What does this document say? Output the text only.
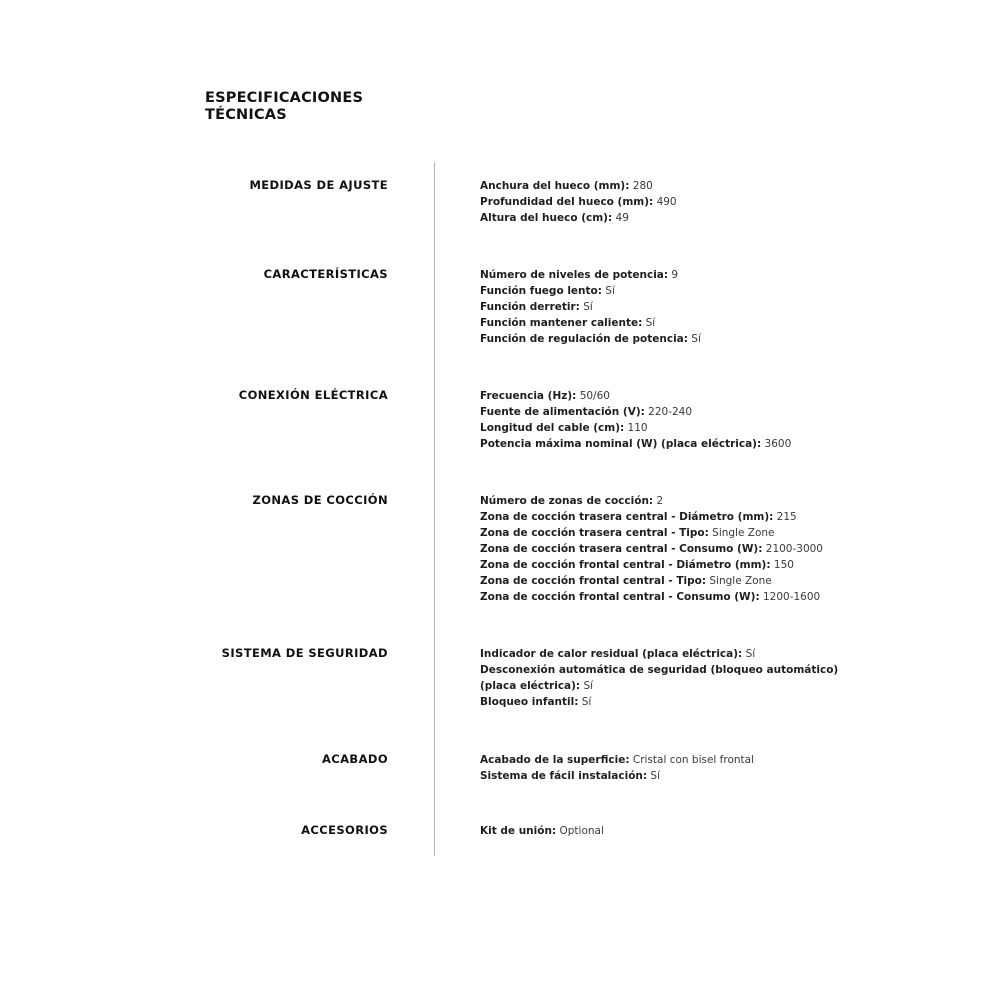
ESPECIFICACIONES
TÉCNICAS
MEDIDAS DE AJUSTE	Anchura del hueco (mm): 280
Profundidad del hueco (mm): 490
Altura del hueco (cm): 49
CARACTERÍSTICAS	Número de niveles de potencia: 9
Función fuego lento: Sí
Función derretir: Sí
Función mantener caliente: Sí
Función de regulación de potencia: Sí
CONEXIÓN ELÉCTRICA	Frecuencia (Hz): 50/60
Fuente de alimentación (V): 220-240
Longitud del cable (cm): 110
Potencia máxima nominal (W) (placa eléctrica): 3600
ZONAS DE COCCIÓN	Número de zonas de cocción: 2
Zona de cocción trasera central - Diámetro (mm): 215
Zona de cocción trasera central - Tipo: Single Zone
Zona de cocción trasera central - Consumo (W): 2100-3000
Zona de cocción frontal central - Diámetro (mm): 150
Zona de cocción frontal central - Tipo: Single Zone
Zona de cocción frontal central - Consumo (W): 1200-1600
SISTEMA DE SEGURIDAD	Indicador de calor residual (placa eléctrica): Sí
Desconexión automática de seguridad (bloqueo automático)
(placa eléctrica): Sí
Bloqueo infantil: Sí
ACABADO	Acabado de la superficie: Cristal con bisel frontal
Sistema de fácil instalación: Sí
ACCESORIOS	Kit de unión: Optional
